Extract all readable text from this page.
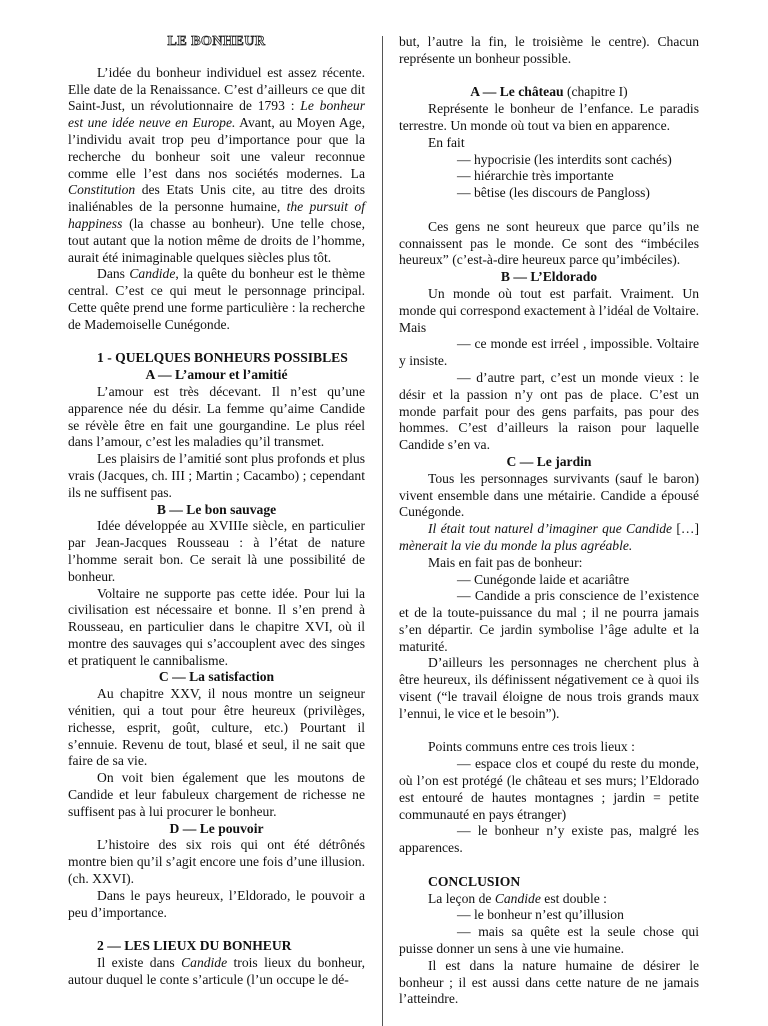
LE BONHEUR

L’idée du bonheur individuel est assez récente. Elle date de la Renaissance. C’est d’ailleurs ce que dit Saint-Just, un révolutionnaire de 1793 : Le bonheur est une idée neuve en Europe. Avant, au Moyen Age, l’individu avait trop peu d’importance pour que la recherche du bonheur soit une valeur reconnue comme elle l’est dans nos sociétés modernes. La Constitution des Etats Unis cite, au titre des droits inaliénables de la personne humaine, the pursuit of happiness (la chasse au bonheur). Une telle chose, tout autant que la notion même de droits de l’homme, aurait été inimaginable quelques siècles plus tôt.

Dans Candide, la quête du bonheur est le thème central. C’est ce qui meut le personnage principal. Cette quête prend une forme particulière : la recherche de Mademoiselle Cunégonde.

1 - QUELQUES BONHEURS POSSIBLES
A — L’amour et l’amitié

L’amour est très décevant. Il n’est qu’une apparence née du désir. La femme qu’aime Candide se révèle être en fait une gourgandine. Le plus réel dans l’amour, c’est les maladies qu’il transmet.

Les plaisirs de l’amitié sont plus profonds et plus vrais (Jacques, ch. III ; Martin ; Cacambo) ; cependant ils ne suffisent pas.

B — Le bon sauvage

Idée développée au XVIIIe siècle, en particulier par Jean-Jacques Rousseau : à l’état de nature l’homme serait bon. Ce serait là une possibilité de bonheur.

Voltaire ne supporte pas cette idée. Pour lui la civilisation est nécessaire et bonne. Il s’en prend à Rousseau, en particulier dans le chapitre XVI, où il montre des sauvages qui s’accouplent avec des singes et pratiquent le cannibalisme.

C — La satisfaction

Au chapitre XXV, il nous montre un seigneur vénitien, qui a tout pour être heureux (privilèges, richesse, esprit, goût, culture, etc.) Pourtant il s’ennuie. Revenu de tout, blasé et seul, il ne sait que faire de sa vie.

On voit bien également que les moutons de Candide et leur fabuleux chargement de richesse ne suffisent pas à lui procurer le bonheur.

D — Le pouvoir

L’histoire des six rois qui ont été détrônés montre bien qu’il s’agit encore une fois d’une illusion. (ch. XXVI).

Dans le pays heureux, l’Eldorado, le pouvoir a peu d’importance.

2 — LES LIEUX DU BONHEUR

Il existe dans Candide trois lieux du bonheur, autour duquel le conte s’articule (l’un occupe le dé-

but, l’autre la fin, le troisième le centre). Chacun représente un bonheur possible.

A — Le château (chapitre I)

Représente le bonheur de l’enfance. Le paradis terrestre. Un monde où tout va bien en apparence.

En fait

— hypocrisie (les interdits sont cachés)

— hiérarchie très importante

— bêtise (les discours de Pangloss)

Ces gens ne sont heureux que parce qu’ils ne connaissent pas le monde. Ce sont des “imbéciles heureux” (c’est-à-dire heureux parce qu’imbéciles).

B — L’Eldorado

Un monde où tout est parfait. Vraiment. Un monde qui correspond exactement à l’idéal de Voltaire. Mais

— ce monde est irréel , impossible. Voltaire y insiste.

— d’autre part, c’est un monde vieux : le désir et la passion n’y ont pas de place. C’est un monde parfait pour des gens parfaits, pas pour des hommes. C’est d’ailleurs la raison pour laquelle Candide s’en va.

C — Le jardin

Tous les personnages survivants (sauf le baron) vivent ensemble dans une métairie. Candide a épousé Cunégonde.

Il était tout naturel d’imaginer que Candide […] mènerait la vie du monde la plus agréable.

Mais en fait pas de bonheur:

— Cunégonde laide et acariâtre

— Candide a pris conscience de l’existence et de la toute-puissance du mal ; il ne pourra jamais s’en départir. Ce jardin symbolise l’âge adulte et la maturité.

D’ailleurs les personnages ne cherchent plus à être heureux, ils définissent négativement ce à quoi ils visent (“le travail éloigne de nous trois grands maux l’ennui, le vice et le besoin”).

Points communs entre ces trois lieux :

— espace clos et coupé du reste du monde, où l’on est protégé (le château et ses murs; l’Eldorado est entouré de hautes montagnes ; jardin = petite communauté en pays étranger)

— le bonheur n’y existe pas, malgré les apparences.

CONCLUSION

La leçon de Candide est double :

— le bonheur n’est qu’illusion

— mais sa quête est la seule chose qui puisse donner un sens à une vie humaine.

Il est dans la nature humaine de désirer le bonheur ; il est aussi dans cette nature de ne jamais l’atteindre.
